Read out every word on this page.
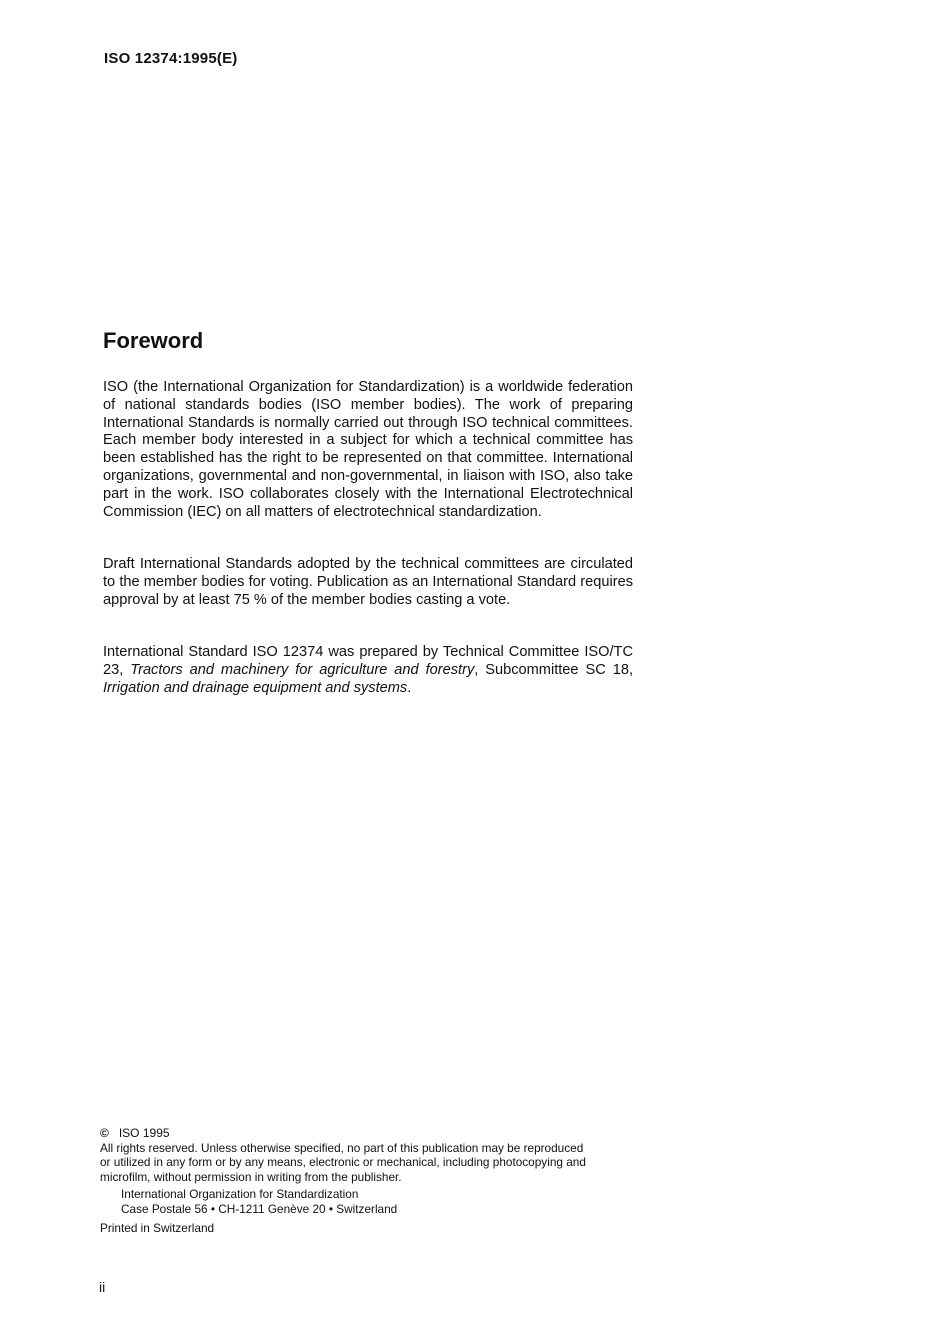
ISO 12374:1995(E)
Foreword

ISO (the International Organization for Standardization) is a worldwide federation of national standards bodies (ISO member bodies). The work of preparing International Standards is normally carried out through ISO technical committees. Each member body interested in a subject for which a technical committee has been established has the right to be represented on that committee. International organizations, governmental and non-governmental, in liaison with ISO, also take part in the work. ISO collaborates closely with the International Electrotechnical Commission (IEC) on all matters of electrotechnical standardization.

Draft International Standards adopted by the technical committees are circulated to the member bodies for voting. Publication as an International Standard requires approval by at least 75 % of the member bodies casting a vote.

International Standard ISO 12374 was prepared by Technical Committee ISO/TC 23, Tractors and machinery for agriculture and forestry, Subcommittee SC 18, Irrigation and drainage equipment and systems.

© ISO 1995
All rights reserved. Unless otherwise specified, no part of this publication may be reproduced
or utilized in any form or by any means, electronic or mechanical, including photocopying and
microfilm, without permission in writing from the publisher.
International Organization for Standardization
Case Postale 56 • CH-1211 Genève 20 • Switzerland
Printed in Switzerland
ii
